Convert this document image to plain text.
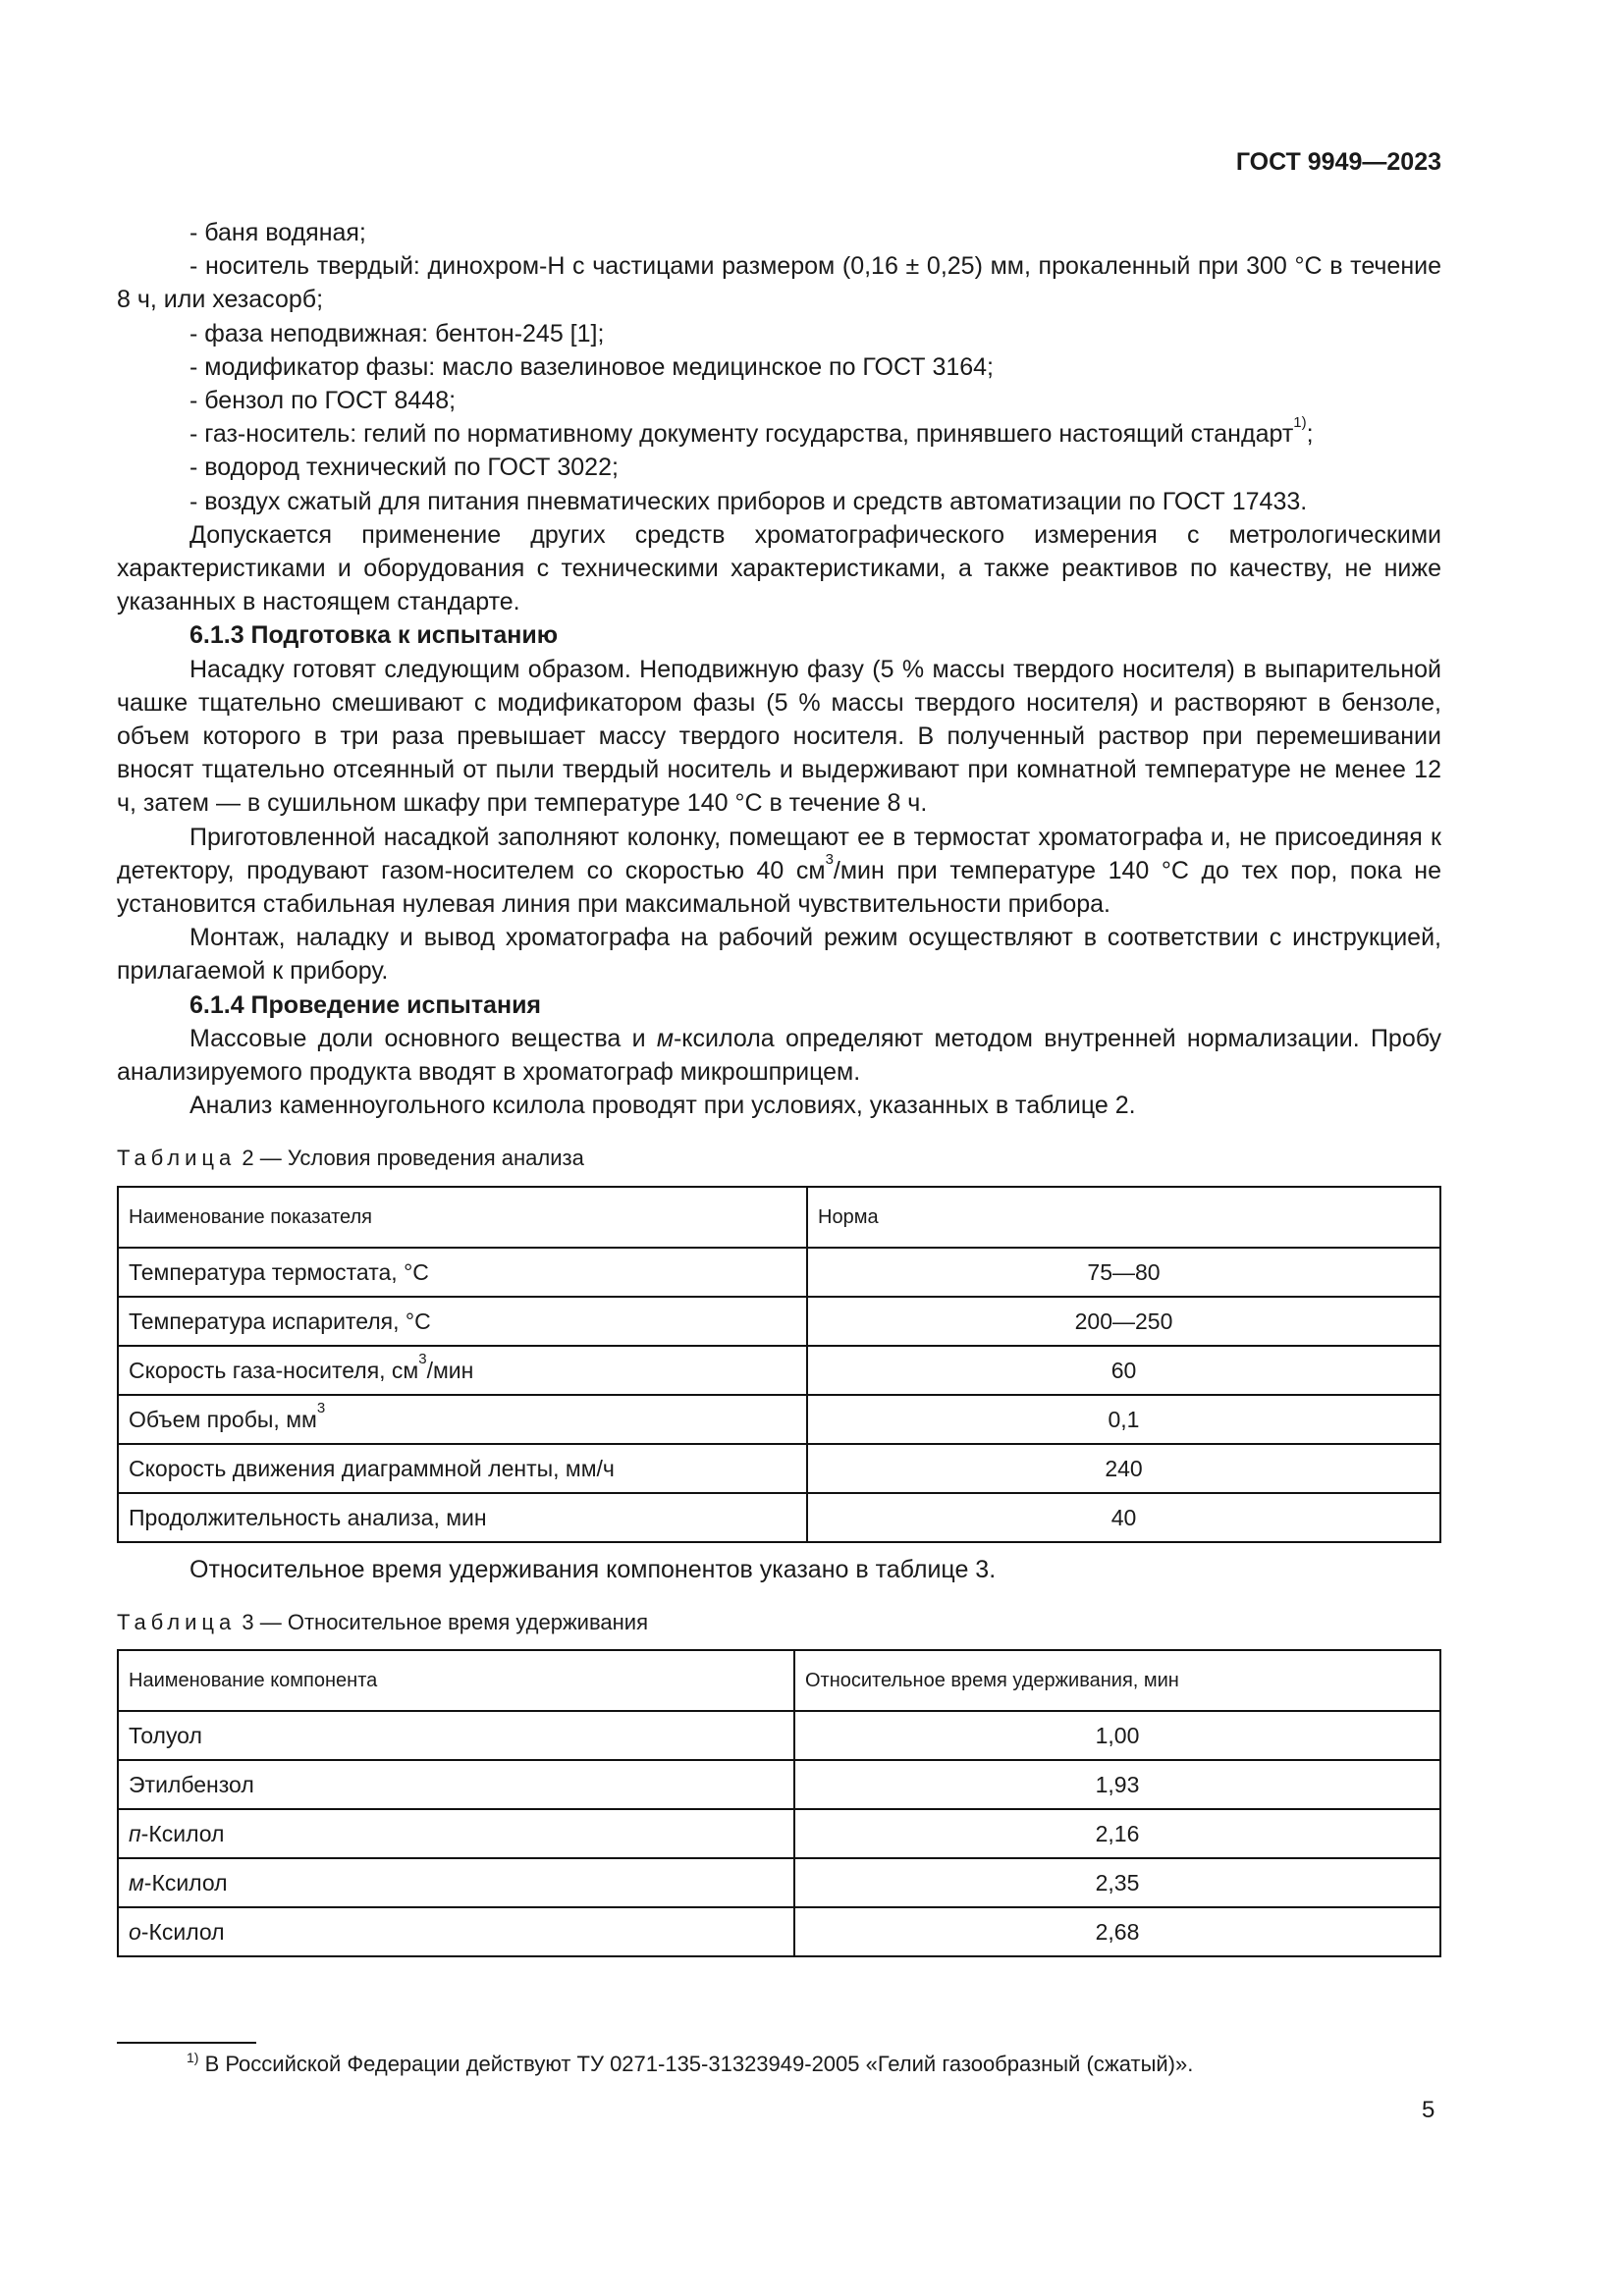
ГОСТ 9949—2023

- баня водяная;

- носитель твердый: динохром-Н с частицами размером (0,16 ± 0,25) мм, прокаленный при 300 °С в течение 8 ч, или хезасорб;

- фаза неподвижная: бентон-245 [1];

- модификатор фазы: масло вазелиновое медицинское по ГОСТ 3164;

- бензол по ГОСТ 8448;

- газ-носитель: гелий по нормативному документу государства, принявшего настоящий стандарт$^{1)}$;

- водород технический по ГОСТ 3022;

- воздух сжатый для питания пневматических приборов и средств автоматизации по ГОСТ 17433.

Допускается применение других средств хроматографического измерения с метрологическими характеристиками и оборудования с техническими характеристиками, а также реактивов по качеству, не ниже указанных в настоящем стандарте.

6.1.3 Подготовка к испытанию

Насадку готовят следующим образом. Неподвижную фазу (5 % массы твердого носителя) в выпарительной чашке тщательно смешивают с модификатором фазы (5 % массы твердого носителя) и растворяют в бензоле, объем которого в три раза превышает массу твердого носителя. В полученный раствор при перемешивании вносят тщательно отсеянный от пыли твердый носитель и выдерживают при комнатной температуре не менее 12 ч, затем — в сушильном шкафу при температуре 140 °С в течение 8 ч.

Приготовленной насадкой заполняют колонку, помещают ее в термостат хроматографа и, не присоединяя к детектору, продувают газом-носителем со скоростью 40 $см^3$/мин при температуре 140 °С до тех пор, пока не установится стабильная нулевая линия при максимальной чувствительности прибора.

Монтаж, наладку и вывод хроматографа на рабочий режим осуществляют в соответствии с инструкцией, прилагаемой к прибору.

6.1.4 Проведение испытания

Массовые доли основного вещества и м-ксилола определяют методом внутренней нормализации. Пробу анализируемого продукта вводят в хроматограф микрошприцем.

Анализ каменноугольного ксилола проводят при условиях, указанных в таблице 2.

Таблица 2 — Условия проведения анализа
Наименование показателя	Норма
Температура термостата, °С	75—80
Температура испарителя, °С	200—250
Скорость газа-носителя, $см^3$/мин	60
Объем пробы, $мм^3$	0,1
Скорость движения диаграммной ленты, мм/ч	240
Продолжительность анализа, мин	40

Относительное время удерживания компонентов указано в таблице 3.

Таблица 3 — Относительное время удерживания
Наименование компонента	Относительное время удерживания, мин
Толуол	1,00
Этилбензол	1,93
п-Ксилол	2,16
м-Ксилол	2,35
о-Ксилол	2,68
$^{1)}$ В Российской Федерации действуют ТУ 0271-135-31323949-2005 «Гелий газообразный (сжатый)».
5
